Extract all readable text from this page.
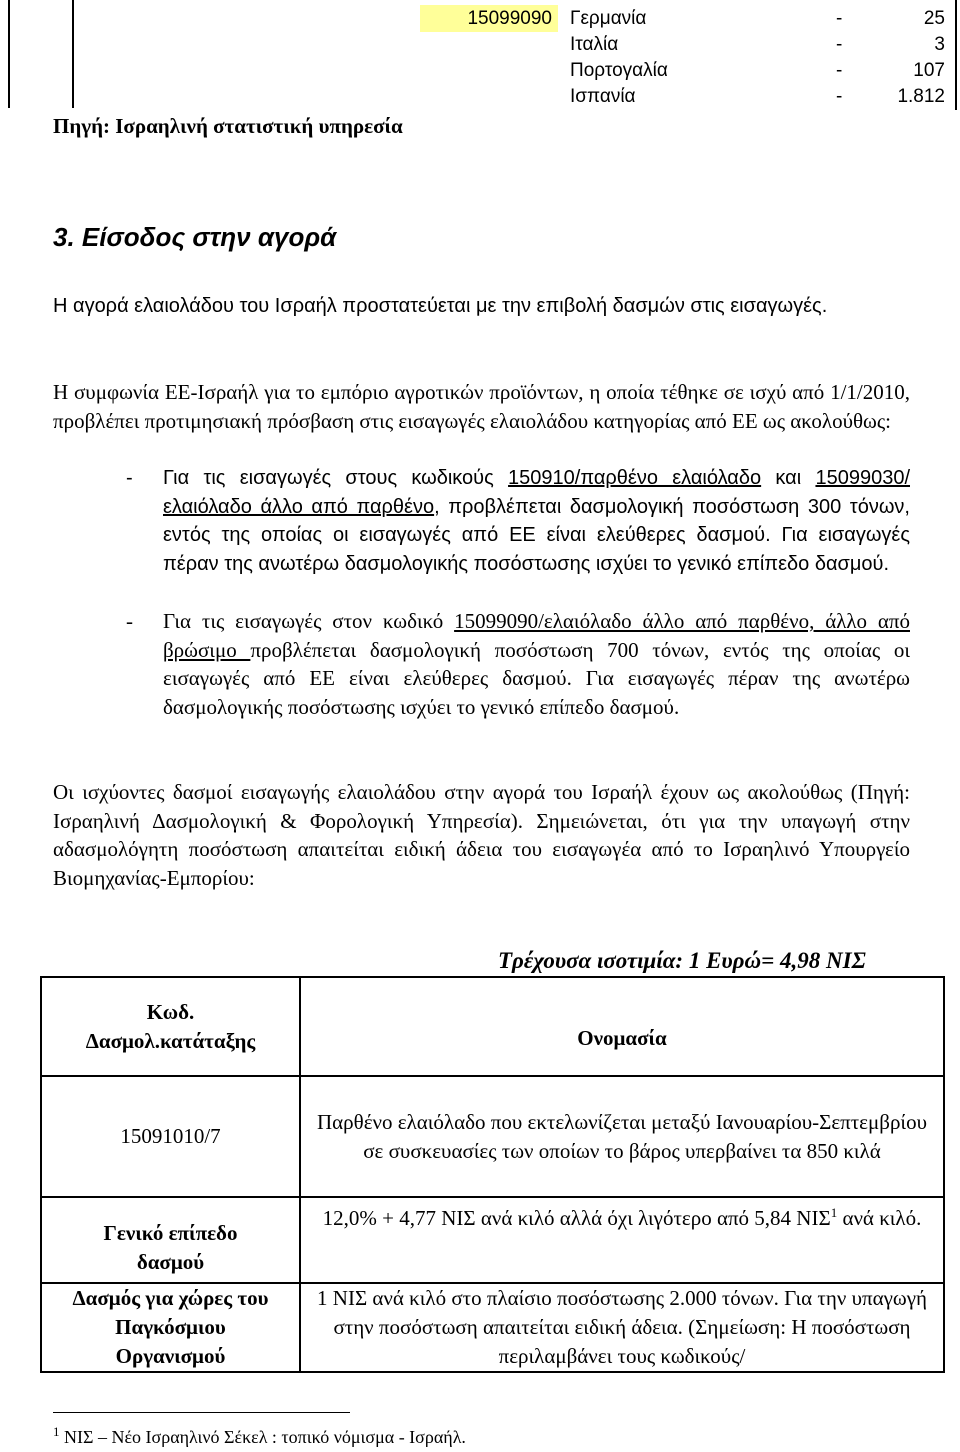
15099090 Γερμανία	-	25
Ιταλία	-	3
Πορτογαλία	-	107
Ισπανία	-	1.812
Πηγή: Ισραηλινή στατιστική υπηρεσία
3. Είσοδος στην αγορά
Η αγορά ελαιολάδου του Ισραήλ προστατεύεται με την επιβολή δασμών στις εισαγωγές.
Η συμφωνία ΕΕ-Ισραήλ για το εμπόριο αγροτικών προϊόντων, η οποία τέθηκε σε ισχύ από 1/1/2010, προβλέπει προτιμησιακή πρόσβαση στις εισαγωγές ελαιολάδου κατηγορίας από ΕΕ ως ακολούθως:
-	Για τις εισαγωγές στους κωδικούς 150910/παρθένο ελαιόλαδο και 15099030/ελαιόλαδο άλλο από παρθένο, προβλέπεται δασμολογική ποσόστωση 300 τόνων, εντός της οποίας οι εισαγωγές από ΕΕ είναι ελεύθερες δασμού. Για εισαγωγές πέραν της ανωτέρω δασμολογικής ποσόστωσης ισχύει το γενικό επίπεδο δασμού.
-	Για τις εισαγωγές στον κωδικό 15099090/ελαιόλαδο άλλο από παρθένο, άλλο από βρώσιμο προβλέπεται δασμολογική ποσόστωση 700 τόνων, εντός της οποίας οι εισαγωγές από ΕΕ είναι ελεύθερες δασμού. Για εισαγωγές πέραν της ανωτέρω δασμολογικής ποσόστωσης ισχύει το γενικό επίπεδο δασμού.
Οι ισχύοντες δασμοί εισαγωγής ελαιολάδου στην αγορά του Ισραήλ έχουν ως ακολούθως (Πηγή: Ισραηλινή Δασμολογική & Φορολογική Υπηρεσία). Σημειώνεται, ότι για την υπαγωγή στην αδασμολόγητη ποσόστωση απαιτείται ειδική άδεια του εισαγωγέα από το Ισραηλινό Υπουργείο Βιομηχανίας-Εμπορίου:
Τρέχουσα ισοτιμία: 1 Ευρώ= 4,98 ΝΙΣ
Κωδ.
Δασμολ.κατάταξης	Ονομασία
15091010/7	Παρθένο ελαιόλαδο που εκτελωνίζεται μεταξύ Ιανουαρίου-Σεπτεμβρίου σε συσκευασίες των οποίων το βάρος υπερβαίνει τα 850 κιλά

Γενικό επίπεδο
δασμού	12,0% + 4,77 ΝΙΣ ανά κιλό αλλά όχι λιγότερο από 5,84 ΝΙΣ$^1$ ανά κιλό.

Δασμός για χώρες του
Παγκόσμιου
Οργανισμού	1 ΝΙΣ ανά κιλό στο πλαίσιο ποσόστωσης 2.000 τόνων. Για την υπαγωγή στην ποσόστωση απαιτείται ειδική άδεια. (Σημείωση: Η ποσόστωση περιλαμβάνει τους κωδικούς/
$^1$ ΝΙΣ – Νέο Ισραηλινό Σέκελ : τοπικό νόμισμα - Ισραήλ.
